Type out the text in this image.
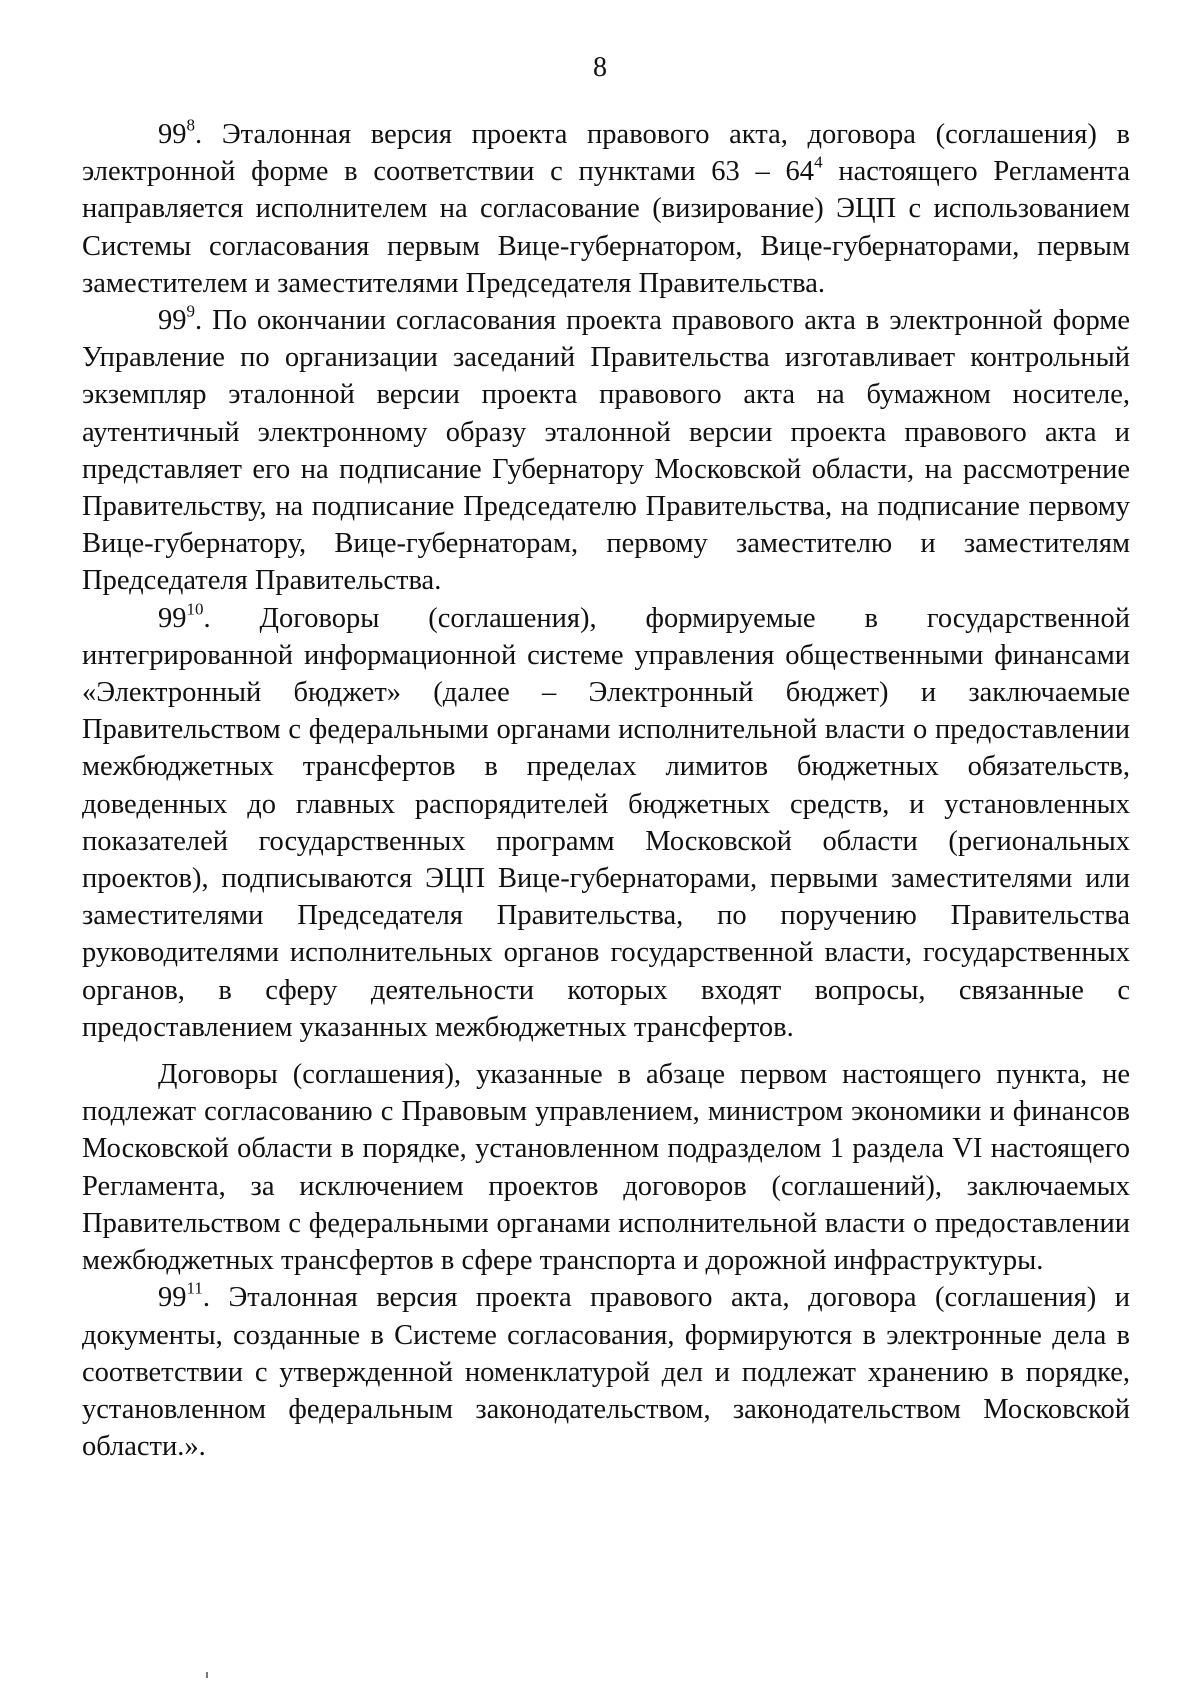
8

$99^8$. Эталонная версия проекта правового акта, договора (соглашения) в электронной форме в соответствии с пунктами 63 – 64$^4$ настоящего Регламента направляется исполнителем на согласование (визирование) ЭЦП с использованием Системы согласования первым Вице-губернатором, Вице-губернаторами, первым заместителем и заместителями Председателя Правительства.

$99^9$. По окончании согласования проекта правового акта в электронной форме Управление по организации заседаний Правительства изготавливает контрольный экземпляр эталонной версии проекта правового акта на бумажном носителе, аутентичный электронному образу эталонной версии проекта правового акта и представляет его на подписание Губернатору Московской области, на рассмотрение Правительству, на подписание Председателю Правительства, на подписание первому Вице-губернатору, Вице-губернаторам, первому заместителю и заместителям Председателя Правительства.

$99^{10}$. Договоры (соглашения), формируемые в государственной интегрированной информационной системе управления общественными финансами «Электронный бюджет» (далее – Электронный бюджет) и заключаемые Правительством с федеральными органами исполнительной власти о предоставлении межбюджетных трансфертов в пределах лимитов бюджетных обязательств, доведенных до главных распорядителей бюджетных средств, и установленных показателей государственных программ Московской области (региональных проектов), подписываются ЭЦП Вице-губернаторами, первыми заместителями или заместителями Председателя Правительства, по поручению Правительства руководителями исполнительных органов государственной власти, государственных органов, в сферу деятельности которых входят вопросы, связанные с предоставлением указанных межбюджетных трансфертов.

Договоры (соглашения), указанные в абзаце первом настоящего пункта, не подлежат согласованию с Правовым управлением, министром экономики и финансов Московской области в порядке, установленном подразделом 1 раздела VI настоящего Регламента, за исключением проектов договоров (соглашений), заключаемых Правительством с федеральными органами исполнительной власти о предоставлении межбюджетных трансфертов в сфере транспорта и дорожной инфраструктуры.

$99^{11}$. Эталонная версия проекта правового акта, договора (соглашения) и документы, созданные в Системе согласования, формируются в электронные дела в соответствии с утвержденной номенклатурой дел и подлежат хранению в порядке, установленном федеральным законодательством, законодательством Московской области.».
